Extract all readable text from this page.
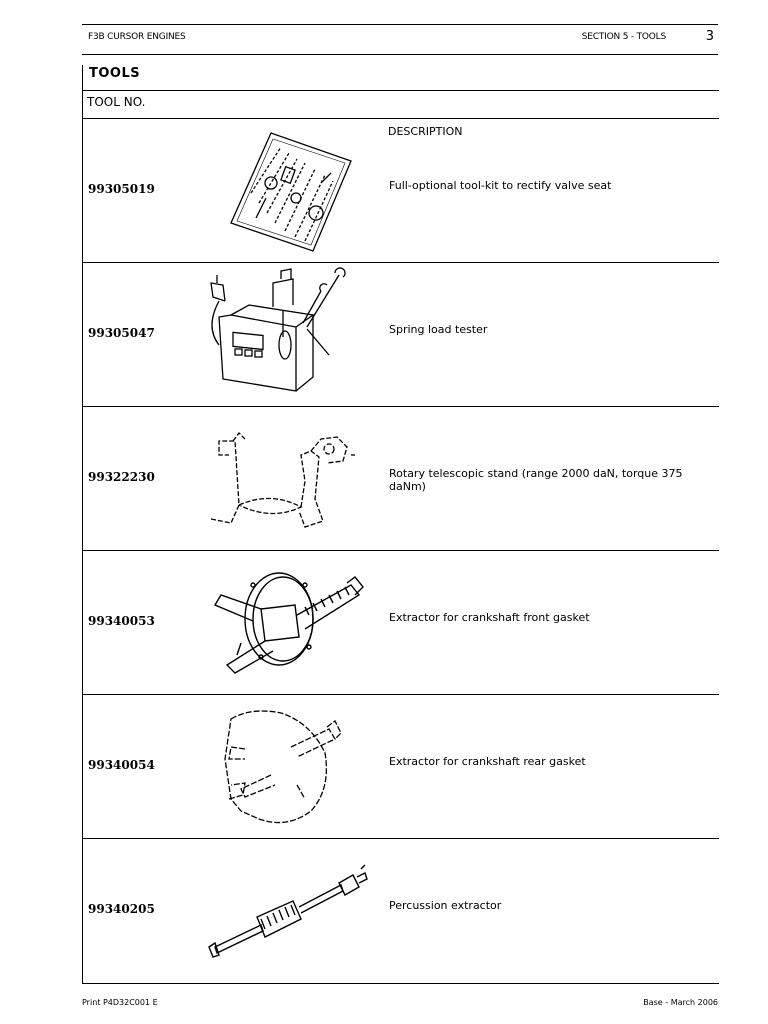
F3B CURSOR ENGINES	SECTION 5 - TOOLS	3
TOOLS
TOOL NO.
DESCRIPTION
99305019	Full-optional tool-kit to rectify valve seat
99305047	Spring load tester
99322230	Rotary telescopic stand (range 2000 daN, torque 375 daNm)
99340053	Extractor for crankshaft front gasket
99340054	Extractor for crankshaft rear gasket
99340205	Percussion extractor
Print P4D32C001 E	Base - March 2006
